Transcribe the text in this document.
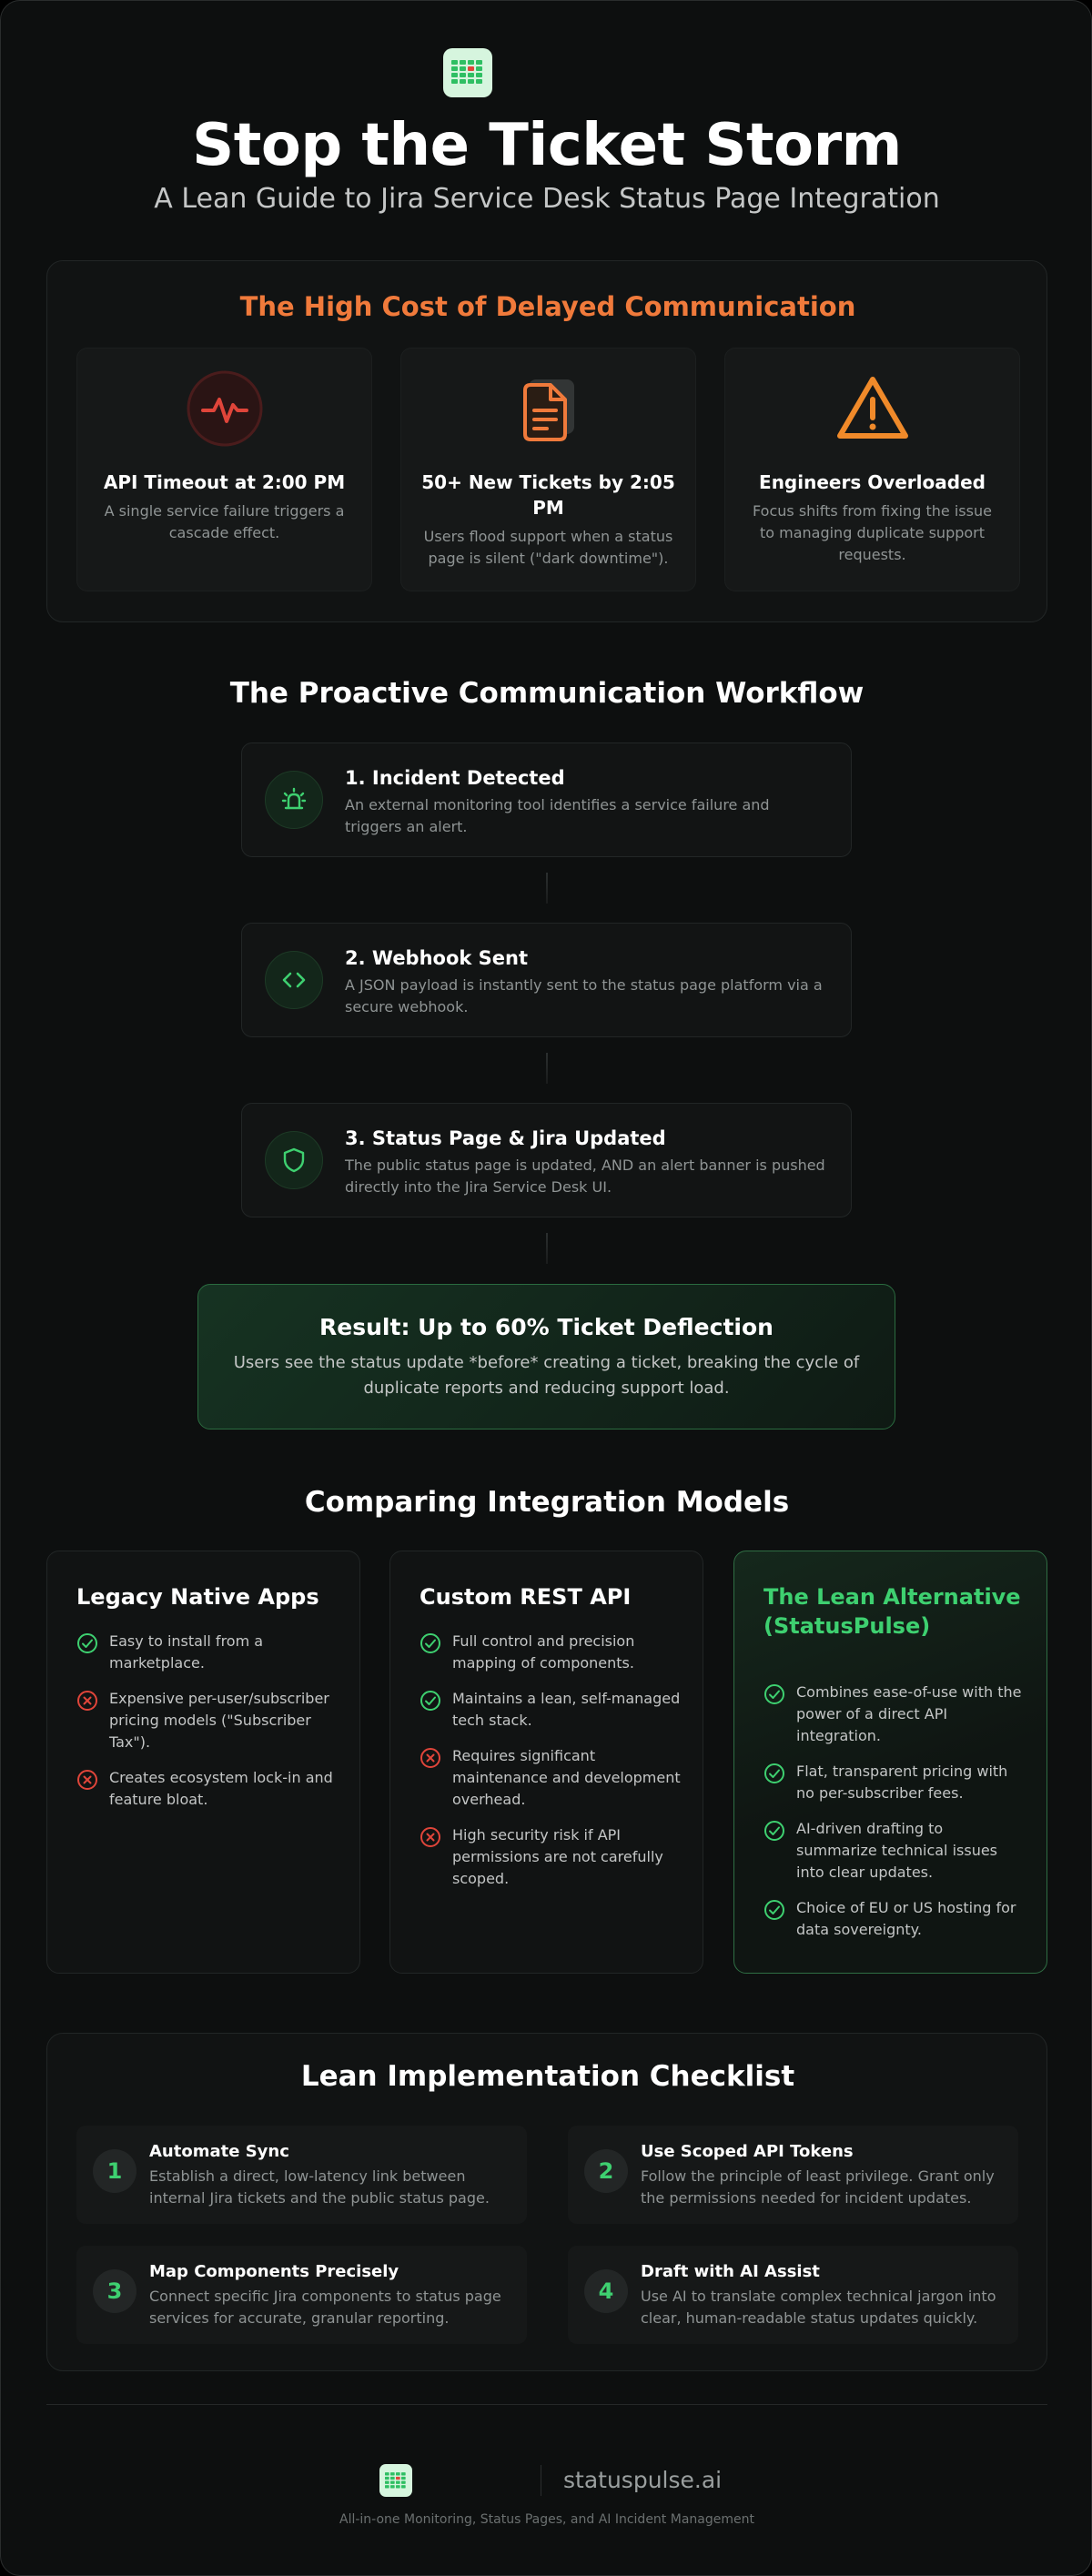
Stop the Ticket Storm
A Lean Guide to Jira Service Desk Status Page Integration
The High Cost of Delayed Communication
API Timeout at 2:00 PM
A single service failure triggers a cascade effect.
50+ New Tickets by 2:05 PM
Users flood support when a status page is silent ("dark downtime").
Engineers Overloaded
Focus shifts from fixing the issue to managing duplicate support requests.
The Proactive Communication Workflow
1. Incident Detected
An external monitoring tool identifies a service failure and triggers an alert.
2. Webhook Sent
A JSON payload is instantly sent to the status page platform via a secure webhook.
3. Status Page & Jira Updated
The public status page is updated, AND an alert banner is pushed directly into the Jira Service Desk UI.
Result: Up to 60% Ticket Deflection
Users see the status update *before* creating a ticket, breaking the cycle of duplicate reports and reducing support load.
Comparing Integration Models
Legacy Native Apps
Easy to install from a marketplace.
Expensive per-user/subscriber pricing models ("Subscriber Tax").
Creates ecosystem lock-in and feature bloat.
Custom REST API
Full control and precision mapping of components.
Maintains a lean, self-managed tech stack.
Requires significant maintenance and development overhead.
High security risk if API permissions are not carefully scoped.
The Lean Alternative (StatusPulse)
Combines ease-of-use with the power of a direct API integration.
Flat, transparent pricing with no per-subscriber fees.
AI-driven drafting to summarize technical issues into clear updates.
Choice of EU or US hosting for data sovereignty.
Lean Implementation Checklist
1
Automate Sync
Establish a direct, low-latency link between internal Jira tickets and the public status page.
2
Use Scoped API Tokens
Follow the principle of least privilege. Grant only the permissions needed for incident updates.
3
Map Components Precisely
Connect specific Jira components to status page services for accurate, granular reporting.
4
Draft with AI Assist
Use AI to translate complex technical jargon into clear, human-readable status updates quickly.
statuspulse.ai
All-in-one Monitoring, Status Pages, and AI Incident Management
